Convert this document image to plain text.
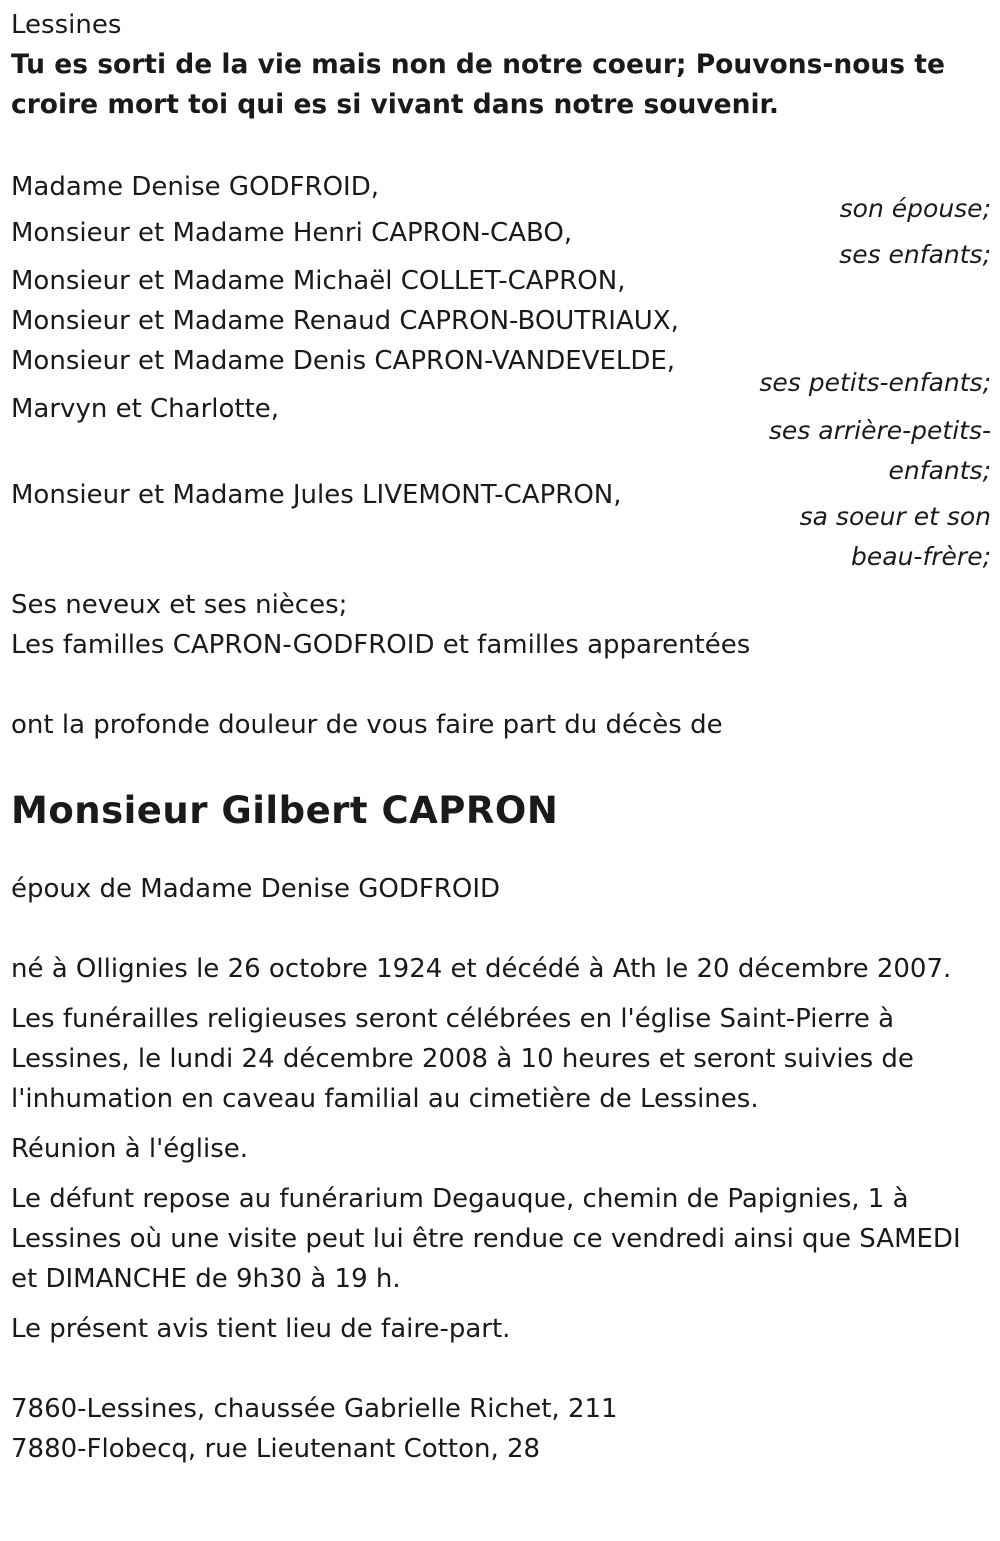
Lessines

Tu es sorti de la vie mais non de notre coeur; Pouvons-nous te croire mort toi qui es si vivant dans notre souvenir.

Madame Denise GODFROID,

son épouse;

Monsieur et Madame Henri CAPRON-CABO,

ses enfants;

Monsieur et Madame Michaël COLLET-CAPRON,

Monsieur et Madame Renaud CAPRON-BOUTRIAUX,

Monsieur et Madame Denis CAPRON-VANDEVELDE,

ses petits-enfants;

Marvyn et Charlotte,

ses arrière-petits-enfants;

Monsieur et Madame Jules LIVEMONT-CAPRON,

sa soeur et son beau-frère;

Ses neveux et ses nièces;

Les familles CAPRON-GODFROID et familles apparentées

ont la profonde douleur de vous faire part du décès de

Monsieur Gilbert CAPRON

époux de Madame Denise GODFROID

né à Ollignies le 26 octobre 1924 et décédé à Ath le 20 décembre 2007.

Les funérailles religieuses seront célébrées en l'église Saint-Pierre à Lessines, le lundi 24 décembre 2008 à 10 heures et seront suivies de l'inhumation en caveau familial au cimetière de Lessines.

Réunion à l'église.

Le défunt repose au funérarium Degauque, chemin de Papignies, 1 à Lessines où une visite peut lui être rendue ce vendredi ainsi que SAMEDI et DIMANCHE de 9h30 à 19 h.

Le présent avis tient lieu de faire-part.

7860-Lessines, chaussée Gabrielle Richet, 211

7880-Flobecq, rue Lieutenant Cotton, 28
